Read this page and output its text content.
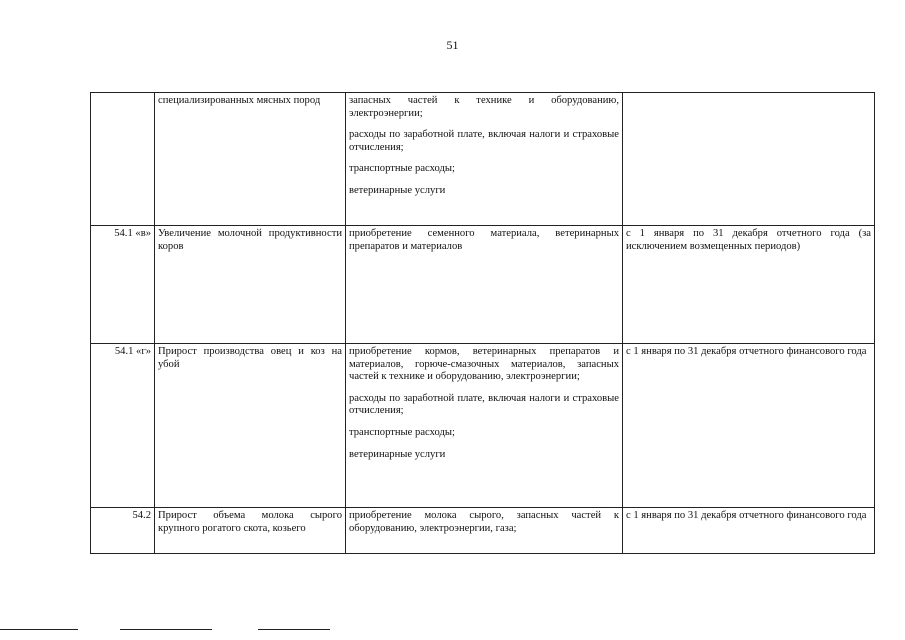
51
	специализированных мясных пород	запасных частей к технике и оборудованию, электроэнергии;
расходы по заработной плате, включая налоги и страховые отчисления;
транспортные расходы;
ветеринарные услуги	

54.1 «в»	Увеличение молочной продуктивности коров	приобретение семенного материала, ветеринарных препаратов и материалов	с 1 января по 31 декабря отчетного года (за исключением возмещенных периодов)
54.1 «г»	Прирост производства овец и коз на убой	приобретение кормов, ветеринарных препаратов и материалов, горюче-смазочных материалов, запасных частей к технике и оборудованию, электроэнергии;
расходы по заработной плате, включая налоги и страховые отчисления;
транспортные расходы;
ветеринарные услуги	с 1 января по 31 декабря отчетного финансового года
54.2	Прирост объема молока сырого крупного рогатого скота, козьего	приобретение молока сырого, запасных частей к оборудованию, электроэнергии, газа;	с 1 января по 31 декабря отчетного финансового года
